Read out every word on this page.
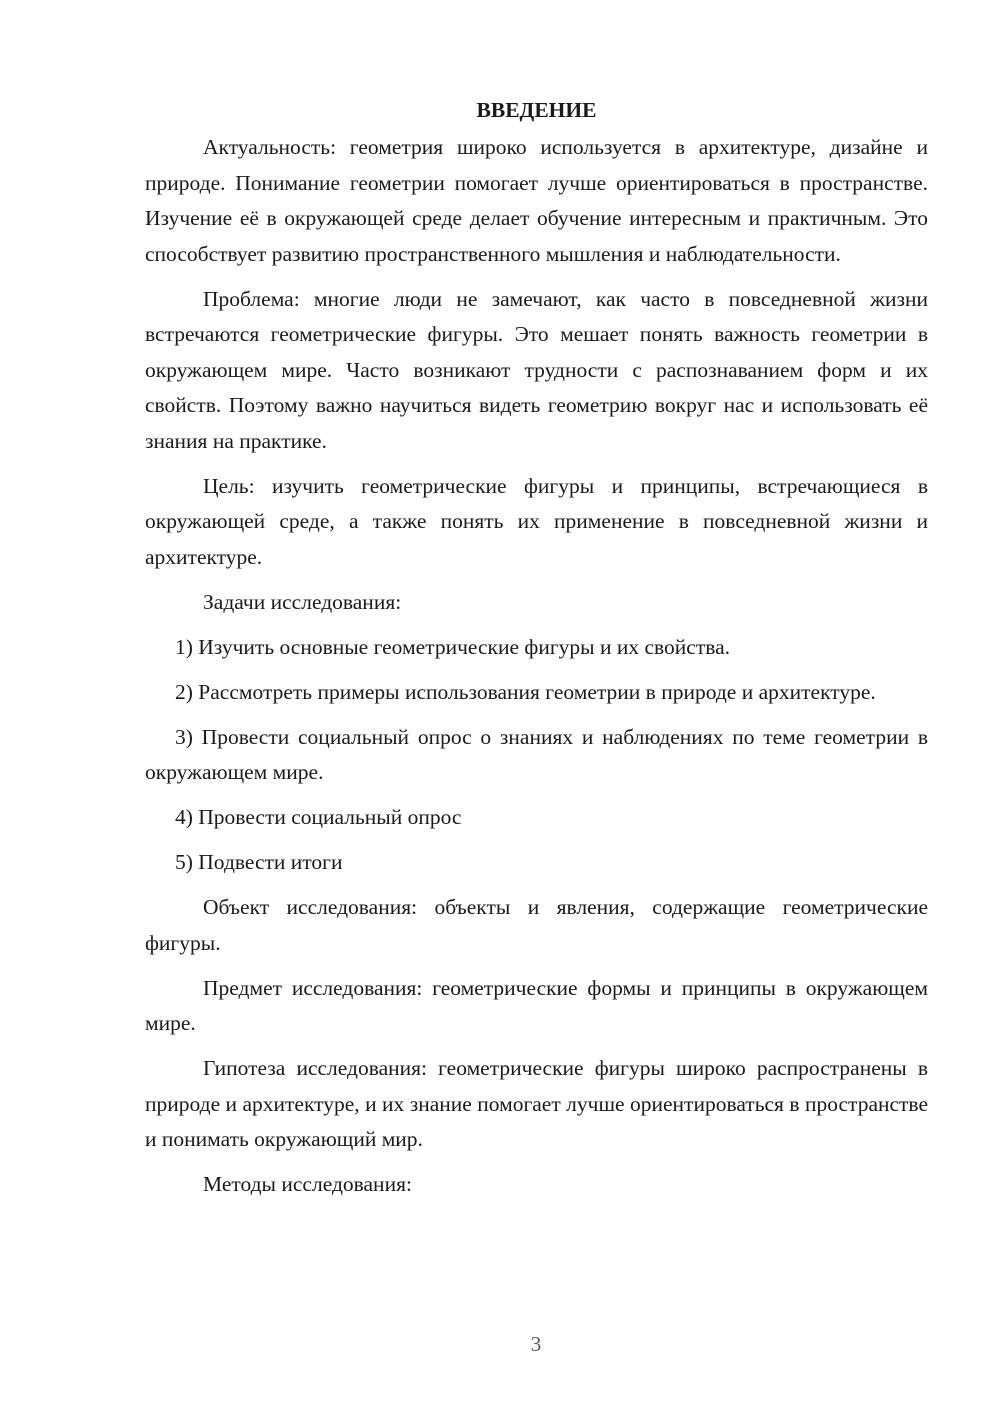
ВВЕДЕНИЕ

Актуальность: геометрия широко используется в архитектуре, дизайне и природе. Понимание геометрии помогает лучше ориентироваться в пространстве. Изучение её в окружающей среде делает обучение интересным и практичным. Это способствует развитию пространственного мышления и наблюдательности.

Проблема: многие люди не замечают, как часто в повседневной жизни встречаются геометрические фигуры. Это мешает понять важность геометрии в окружающем мире. Часто возникают трудности с распознаванием форм и их свойств. Поэтому важно научиться видеть геометрию вокруг нас и использовать её знания на практике.

Цель: изучить геометрические фигуры и принципы, встречающиеся в окружающей среде, а также понять их применение в повседневной жизни и архитектуре.

Задачи исследования:

1) Изучить основные геометрические фигуры и их свойства.

2) Рассмотреть примеры использования геометрии в природе и архитектуре.

3) Провести социальный опрос о знаниях и наблюдениях по теме геометрии в окружающем мире.

4) Провести социальный опрос

5) Подвести итоги

Объект исследования: объекты и явления, содержащие геометрические фигуры.

Предмет исследования: геометрические формы и принципы в окружающем мире.

Гипотеза исследования: геометрические фигуры широко распространены в природе и архитектуре, и их знание помогает лучше ориентироваться в пространстве и понимать окружающий мир.

Методы исследования:

3
